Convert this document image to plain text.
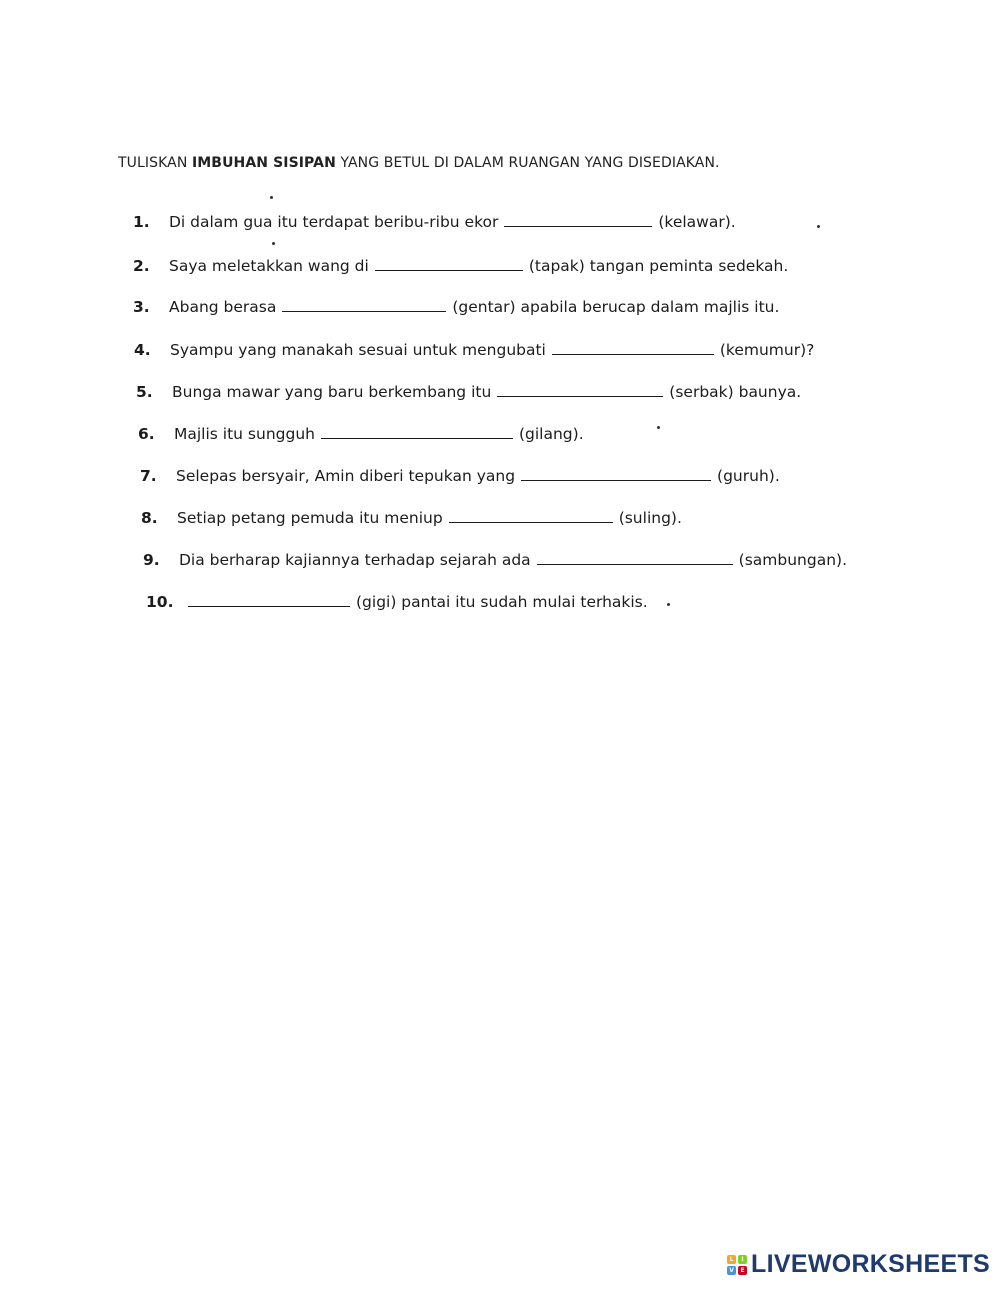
TULISKAN IMBUHAN SISIPAN YANG BETUL DI DALAM RUANGAN YANG DISEDIAKAN.
1.	Di dalam gua itu terdapat beribu-ribu ekor	(kelawar).
2.	Saya meletakkan wang di	(tapak) tangan peminta sedekah.
3.	Abang berasa	(gentar) apabila berucap dalam majlis itu.
4.	Syampu yang manakah sesuai untuk mengubati	(kemumur)?
5.	Bunga mawar yang baru berkembang itu	(serbak) baunya.
6.	Majlis itu sungguh	(gilang).
7.	Selepas bersyair, Amin diberi tepukan yang	(guruh).
8.	Setiap petang pemuda itu meniup	(suling).
9.	Dia berharap kajiannya terhadap sejarah ada	(sambungan).
10.	(gigi) pantai itu sudah mulai terhakis.
L	I
V	E LIVEWORKSHEETS
